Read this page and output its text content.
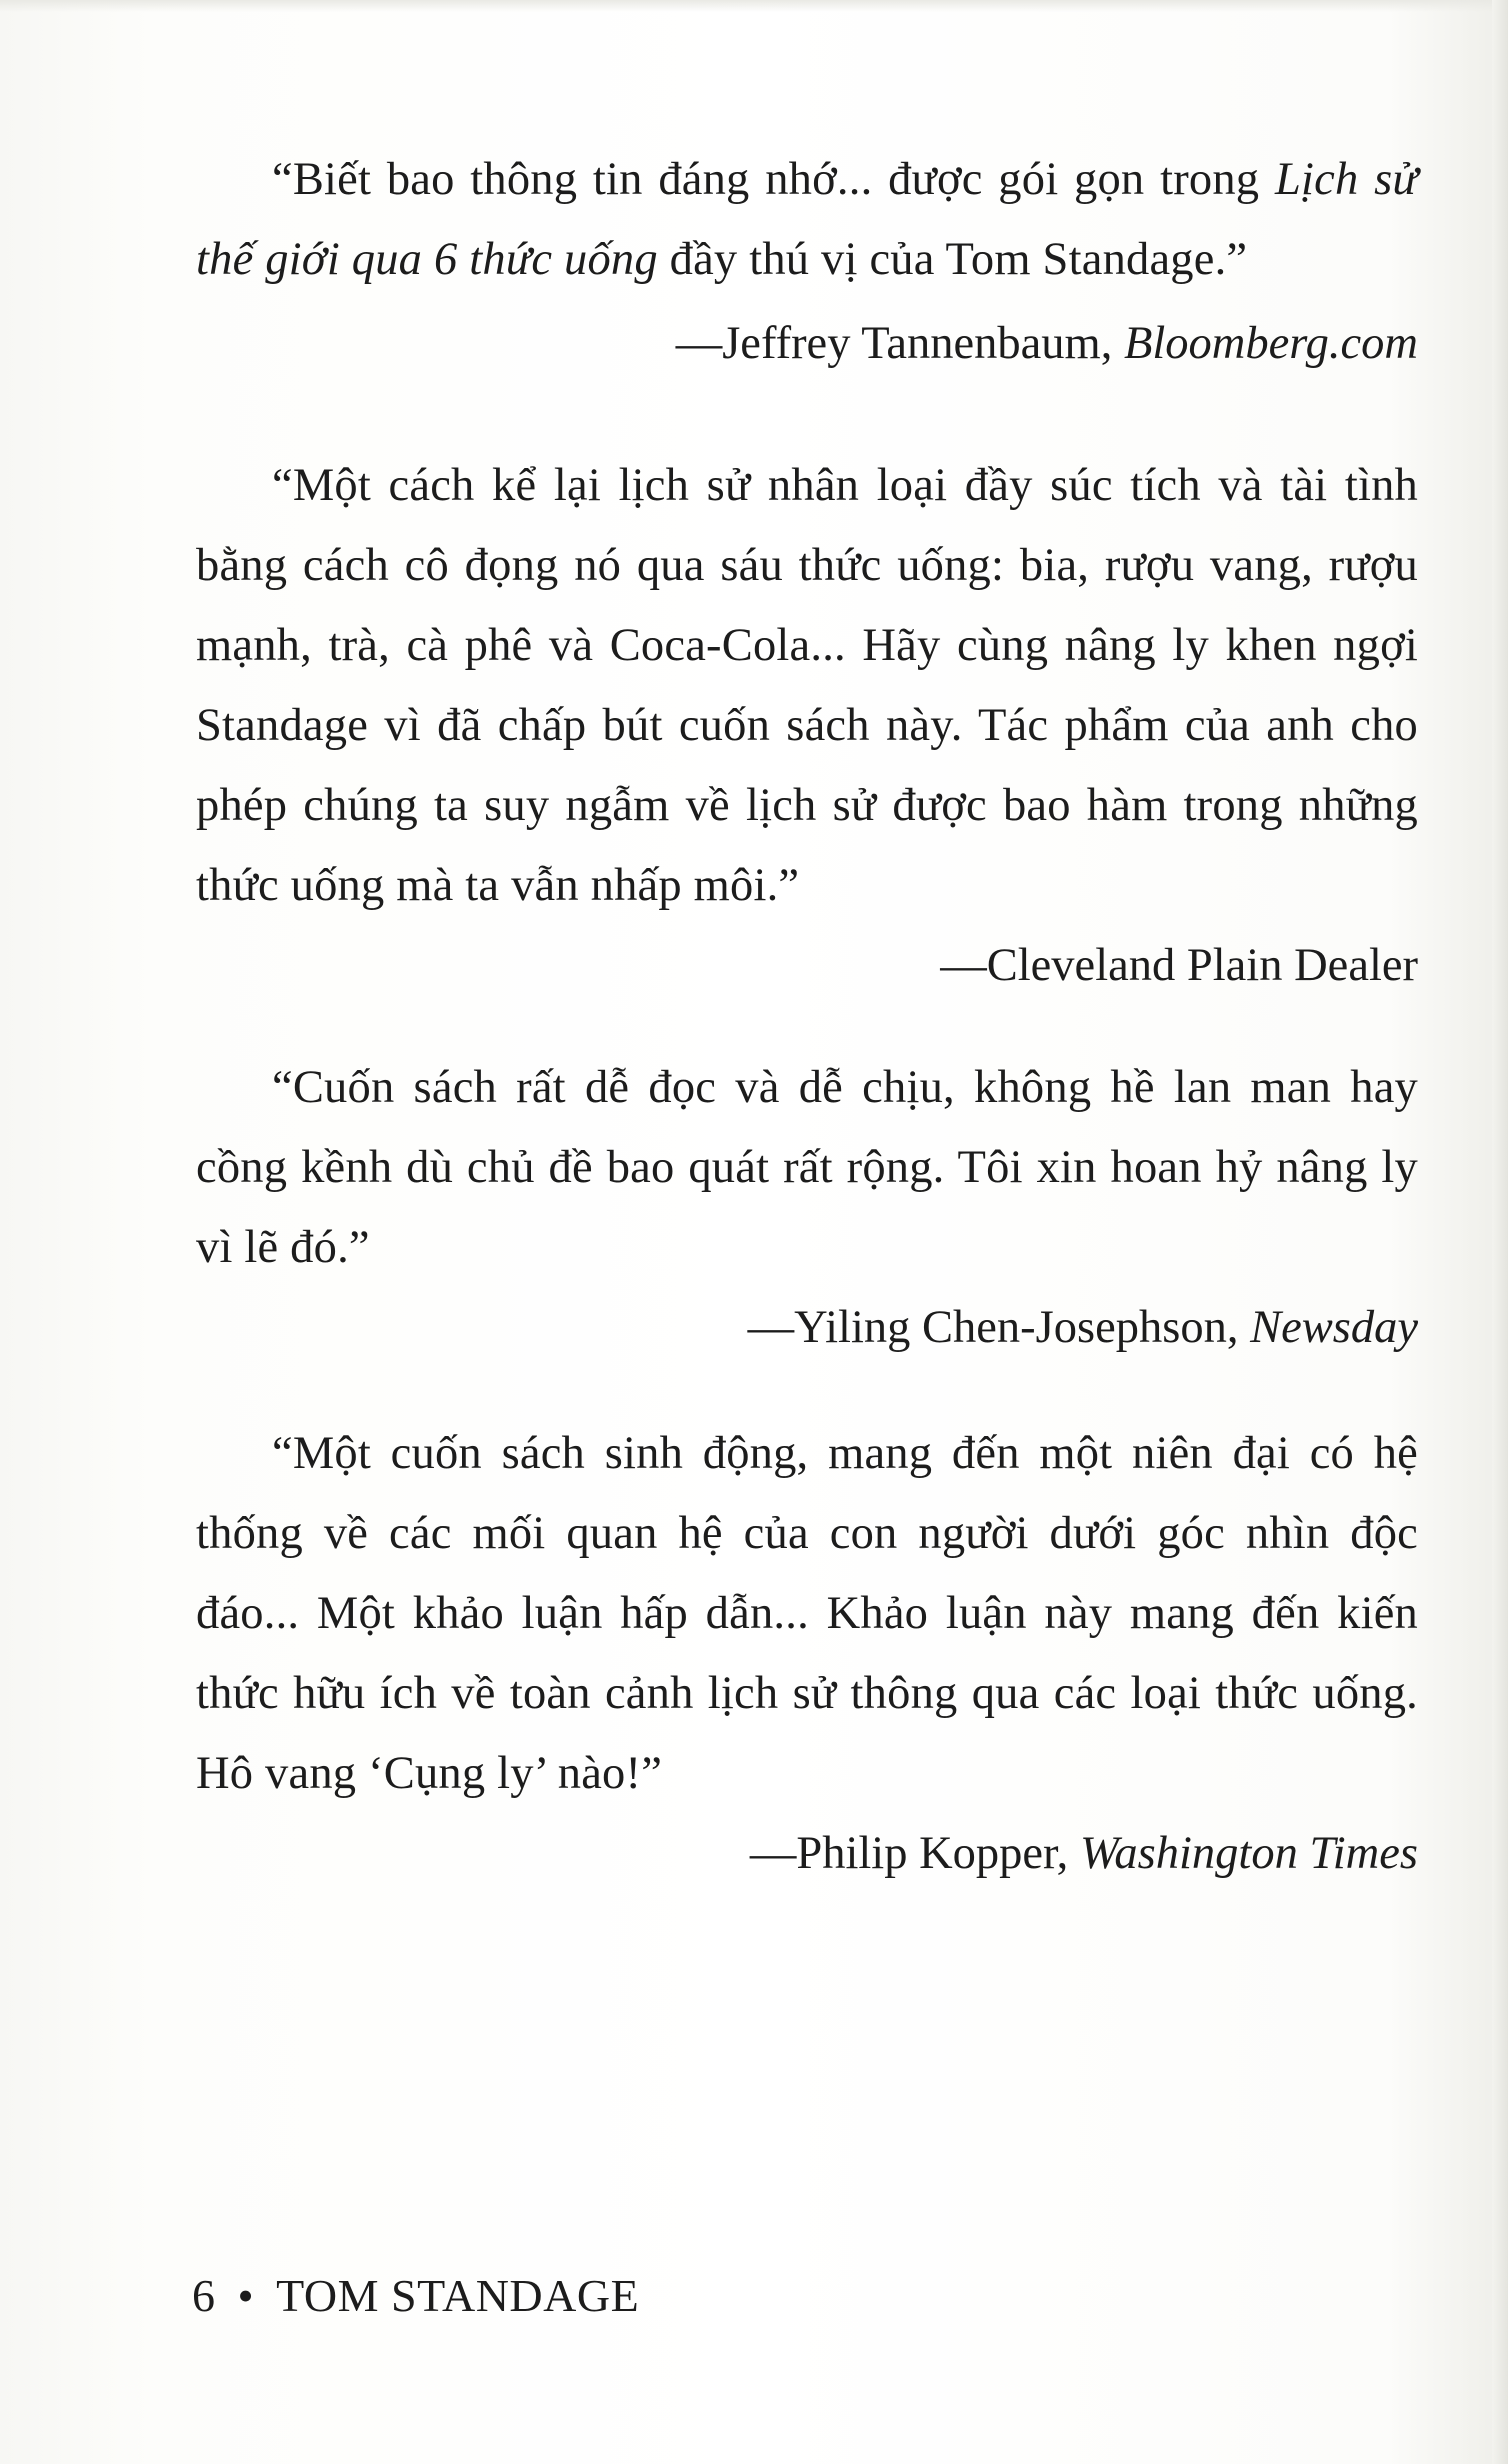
“Biết bao thông tin đáng nhớ... được gói gọn trong Lịch sử thế giới qua 6 thức uống đầy thú vị của Tom Standage.”

—Jeffrey Tannenbaum, Bloomberg.com

“Một cách kể lại lịch sử nhân loại đầy súc tích và tài tình bằng cách cô đọng nó qua sáu thức uống: bia, rượu vang, rượu mạnh, trà, cà phê và Coca-Cola... Hãy cùng nâng ly khen ngợi Standage vì đã chấp bút cuốn sách này. Tác phẩm của anh cho phép chúng ta suy ngẫm về lịch sử được bao hàm trong những thức uống mà ta vẫn nhấp môi.”

—Cleveland Plain Dealer

“Cuốn sách rất dễ đọc và dễ chịu, không hề lan man hay cồng kềnh dù chủ đề bao quát rất rộng. Tôi xin hoan hỷ nâng ly vì lẽ đó.”

—Yiling Chen-Josephson, Newsday

“Một cuốn sách sinh động, mang đến một niên đại có hệ thống về các mối quan hệ của con người dưới góc nhìn độc đáo... Một khảo luận hấp dẫn... Khảo luận này mang đến kiến thức hữu ích về toàn cảnh lịch sử thông qua các loại thức uống. Hô vang ‘Cụng ly’ nào!”

—Philip Kopper, Washington Times

6 • TOM STANDAGE
